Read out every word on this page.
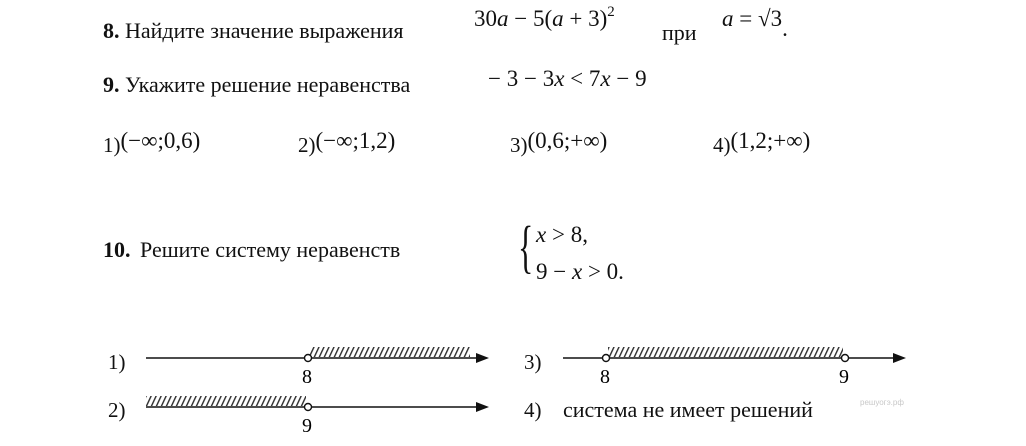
8. Найдите значение выражения	$30a - 5(a + 3)^2$
при
a = √3.
9. Укажите решение неравенства	− 3 − 3x < 7x − 9
1)(−∞;0,6)	2)(−∞;1,2)	3)(0,6;+∞)	4)(1,2;+∞)
10. Решите систему неравенств { x > 8,
9 − x > 0.
1)
2)
3)
4) система не имеет решений	решуогэ.рф
8
9
8	9
